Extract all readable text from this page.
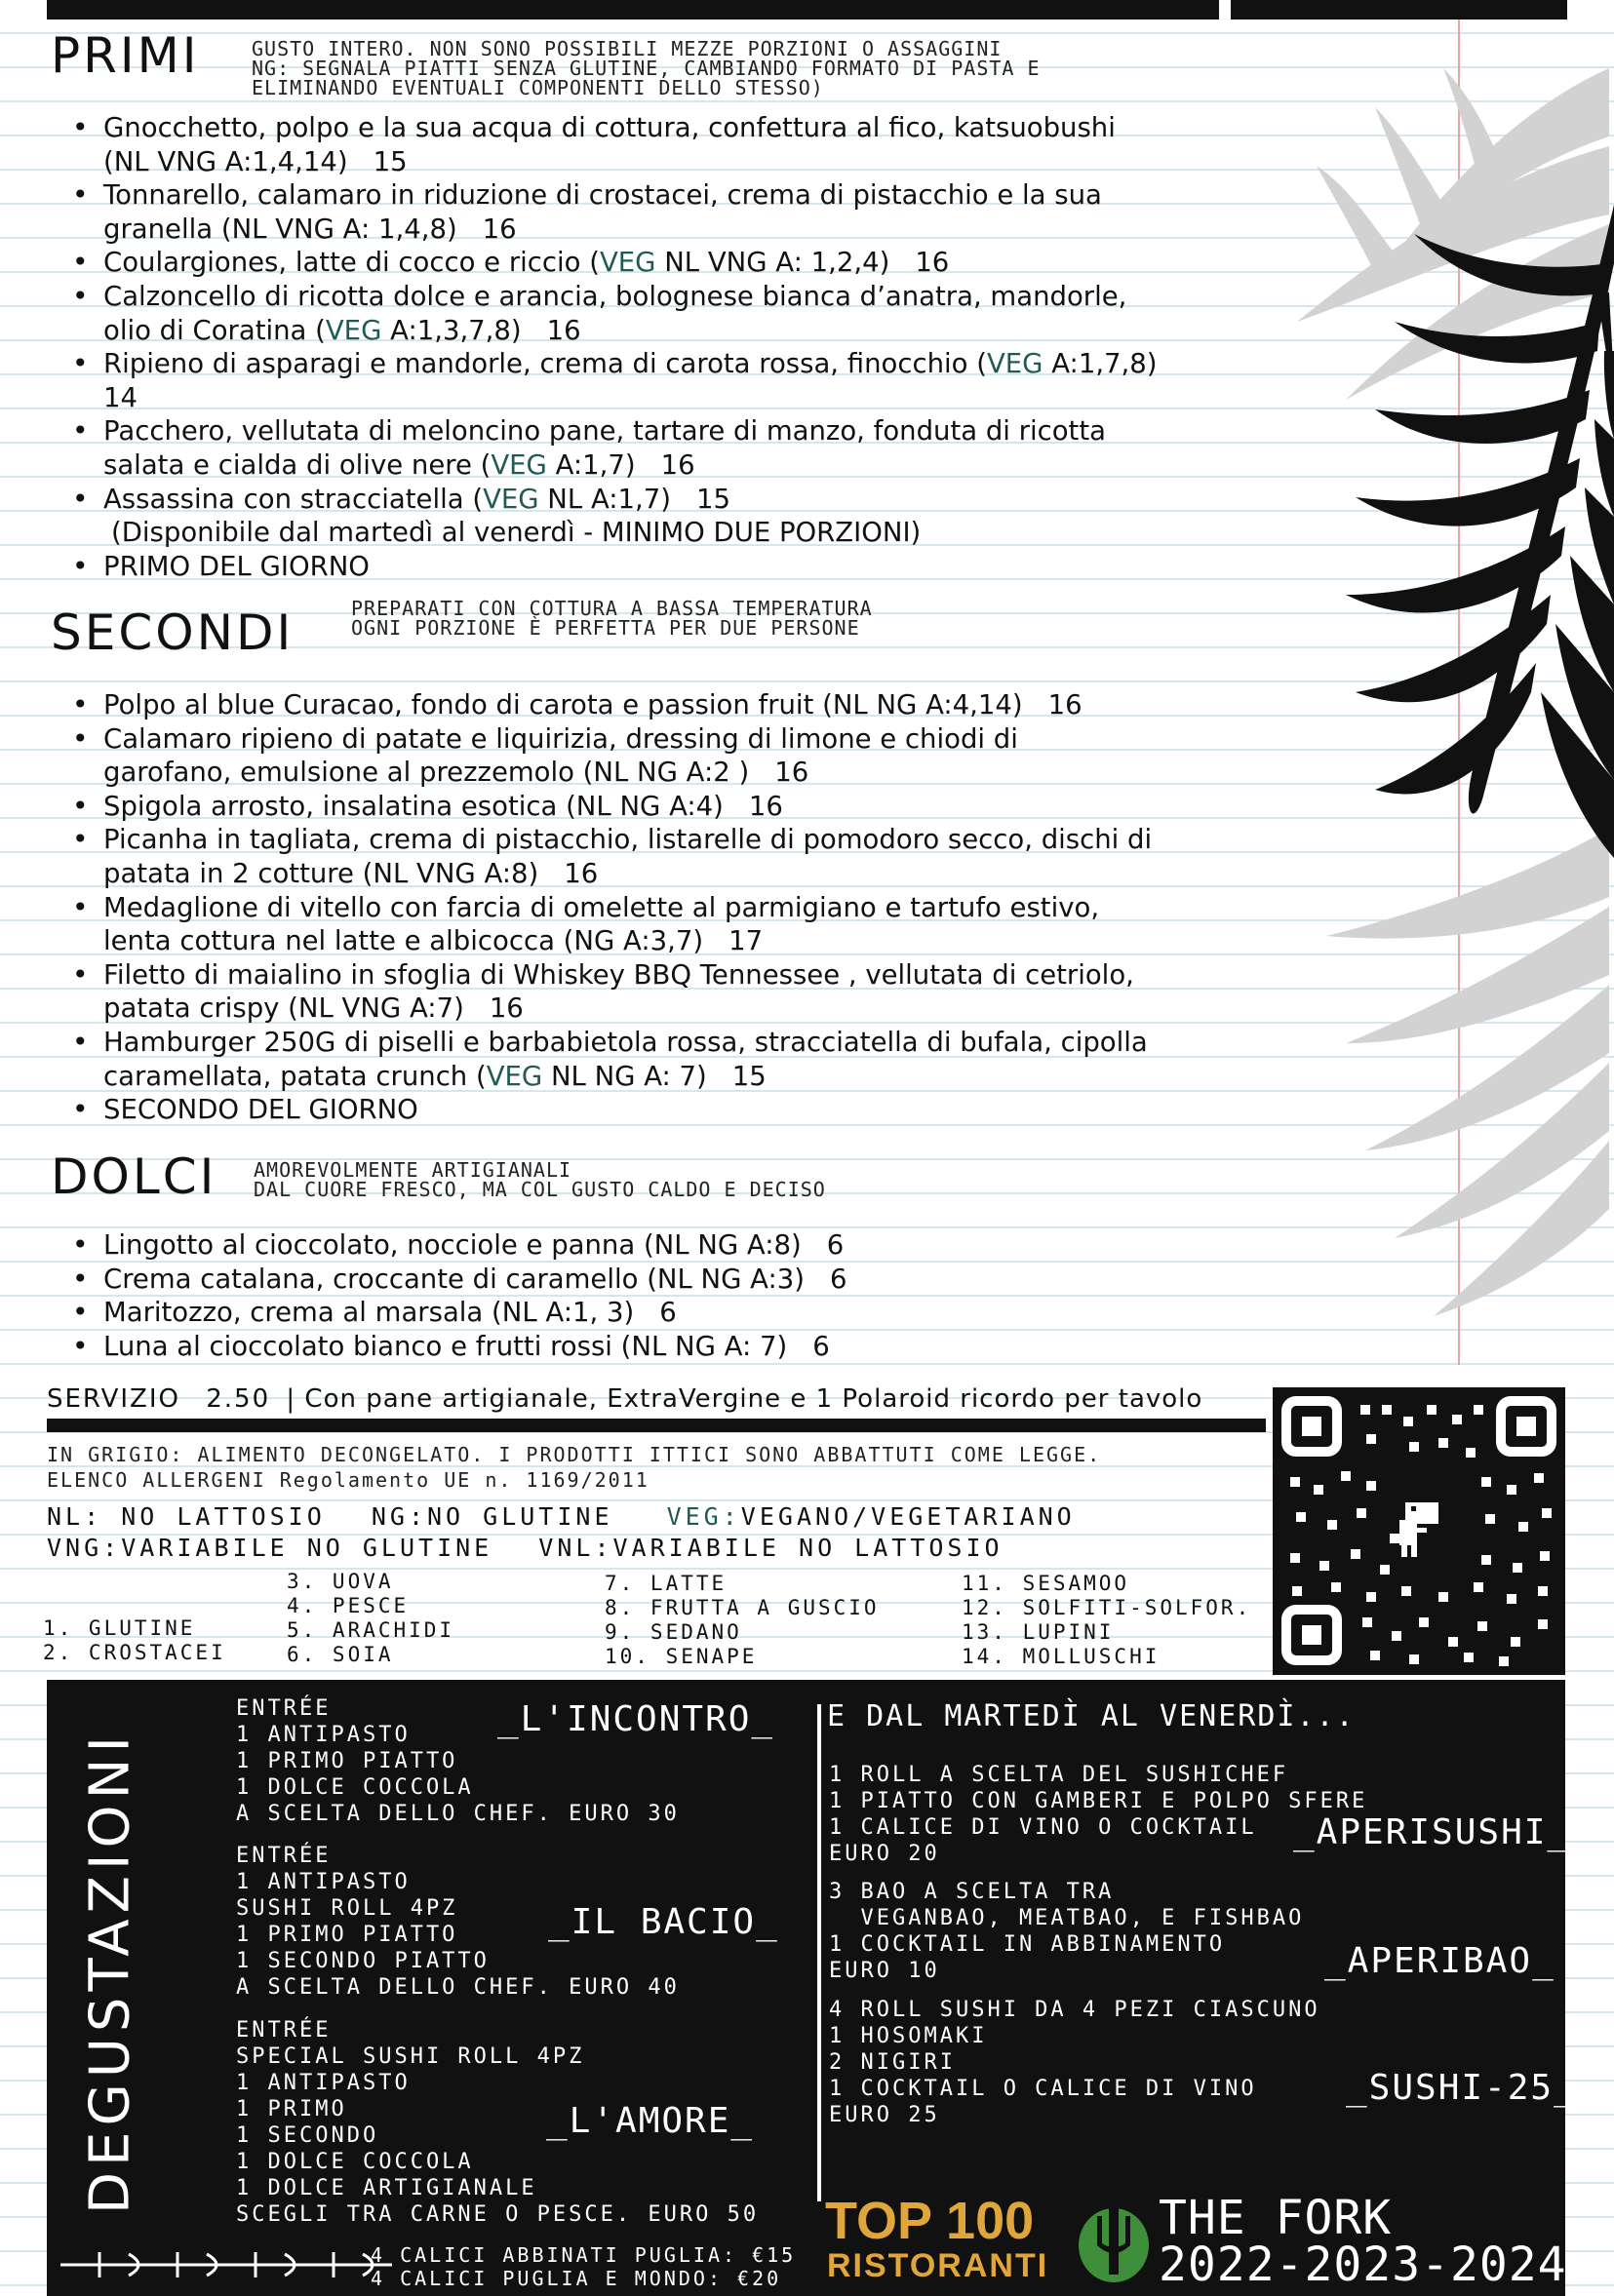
PRIMI	GUSTO INTERO. NON SONO POSSIBILI MEZZE PORZIONI O ASSAGGINI
NG: SEGNALA PIATTI SENZA GLUTINE, CAMBIANDO FORMATO DI PASTA E
ELIMINANDO EVENTUALI COMPONENTI DELLO STESSO)
• Gnocchetto, polpo e la sua acqua di cottura, confettura al fico, katsuobushi
(NL VNG A:1,4,14) 15
• Tonnarello, calamaro in riduzione di crostacei, crema di pistacchio e la sua
granella (NL VNG A: 1,4,8) 16
• Coulargiones, latte di cocco e riccio (VEG NL VNG A: 1,2,4) 16
• Calzoncello di ricotta dolce e arancia, bolognese bianca d’anatra, mandorle,
olio di Coratina (VEG A:1,3,7,8) 16
• Ripieno di asparagi e mandorle, crema di carota rossa, finocchio (VEG A:1,7,8)
14
• Pacchero, vellutata di meloncino pane, tartare di manzo, fonduta di ricotta
salata e cialda di olive nere (VEG A:1,7) 16
• Assassina con stracciatella (VEG NL A:1,7) 15
(Disponibile dal martedì al venerdì - MINIMO DUE PORZIONI)
• PRIMO DEL GIORNO
SECONDI	PREPARATI CON COTTURA A BASSA TEMPERATURA
OGNI PORZIONE È PERFETTA PER DUE PERSONE
• Polpo al blue Curacao, fondo di carota e passion fruit (NL NG A:4,14) 16
• Calamaro ripieno di patate e liquirizia, dressing di limone e chiodi di
garofano, emulsione al prezzemolo (NL NG A:2 ) 16
• Spigola arrosto, insalatina esotica (NL NG A:4) 16
• Picanha in tagliata, crema di pistacchio, listarelle di pomodoro secco, dischi di
patata in 2 cotture (NL VNG A:8) 16
• Medaglione di vitello con farcia di omelette al parmigiano e tartufo estivo,
lenta cottura nel latte e albicocca (NG A:3,7) 17
• Filetto di maialino in sfoglia di Whiskey BBQ Tennessee , vellutata di cetriolo,
patata crispy (NL VNG A:7) 16
• Hamburger 250G di piselli e barbabietola rossa, stracciatella di bufala, cipolla
caramellata, patata crunch (VEG NL NG A: 7) 15
• SECONDO DEL GIORNO
DOLCI AMOREVOLMENTE ARTIGIANALI
DAL CUORE FRESCO, MA COL GUSTO CALDO E DECISO
• Lingotto al cioccolato, nocciole e panna (NL NG A:8) 6
• Crema catalana, croccante di caramello (NL NG A:3) 6
• Maritozzo, crema al marsala (NL A:1, 3) 6
• Luna al cioccolato bianco e frutti rossi (NL NG A: 7) 6
SERVIZIO 2.50 | Con pane artigianale, ExtraVergine e 1 Polaroid ricordo per tavolo
IN GRIGIO: ALIMENTO DECONGELATO. I PRODOTTI ITTICI SONO ABBATTUTI COME LEGGE.
ELENCO ALLERGENI Regolamento UE n. 1169/2011
NL: NO LATTOSIO NG:NO GLUTINE VEG:VEGANO/VEGETARIANO
VNG:VARIABILE NO GLUTINE VNL:VARIABILE NO LATTOSIO
1. GLUTINE
2. CROSTACEI
3. UOVA
4. PESCE
5. ARACHIDI
6. SOIA
7. LATTE
8. FRUTTA A GUSCIO
9. SEDANO
10. SENAPE
11. SESAMOO
12. SOLFITI-SOLFOR.
13. LUPINI
14. MOLLUSCHI
DEGUSTAZIONI
ENTRÉE
1 ANTIPASTO
1 PRIMO PIATTO
1 DOLCE COCCOLA
A SCELTA DELLO CHEF. EURO 30
_L'INCONTRO_
ENTRÉE
1 ANTIPASTO
SUSHI ROLL 4PZ
1 PRIMO PIATTO
1 SECONDO PIATTO
A SCELTA DELLO CHEF. EURO 40
_IL BACIO_
ENTRÉE
SPECIAL SUSHI ROLL 4PZ
1 ANTIPASTO
1 PRIMO
1 SECONDO
1 DOLCE COCCOLA
1 DOLCE ARTIGIANALE
SCEGLI TRA CARNE O PESCE. EURO 50
_L'AMORE_
4 CALICI ABBINATI PUGLIA: €15
4 CALICI PUGLIA E MONDO: €20
E DAL MARTEDÌ AL VENERDÌ...
1 ROLL A SCELTA DEL SUSHICHEF
1 PIATTO CON GAMBERI E POLPO SFERE
1 CALICE DI VINO O COCKTAIL
EURO 20
_APERISUSHI_
3 BAO A SCELTA TRA
VEGANBAO, MEATBAO, E FISHBAO
1 COCKTAIL IN ABBINAMENTO
EURO 10	_APERIBAO_
4 ROLL SUSHI DA 4 PEZI CIASCUNO
1 HOSOMAKI
2 NIGIRI
1 COCKTAIL O CALICE DI VINO
EURO 25
_SUSHI-25_
TOP 100
RISTORANTI
THE FORK
2022-2023-2024
